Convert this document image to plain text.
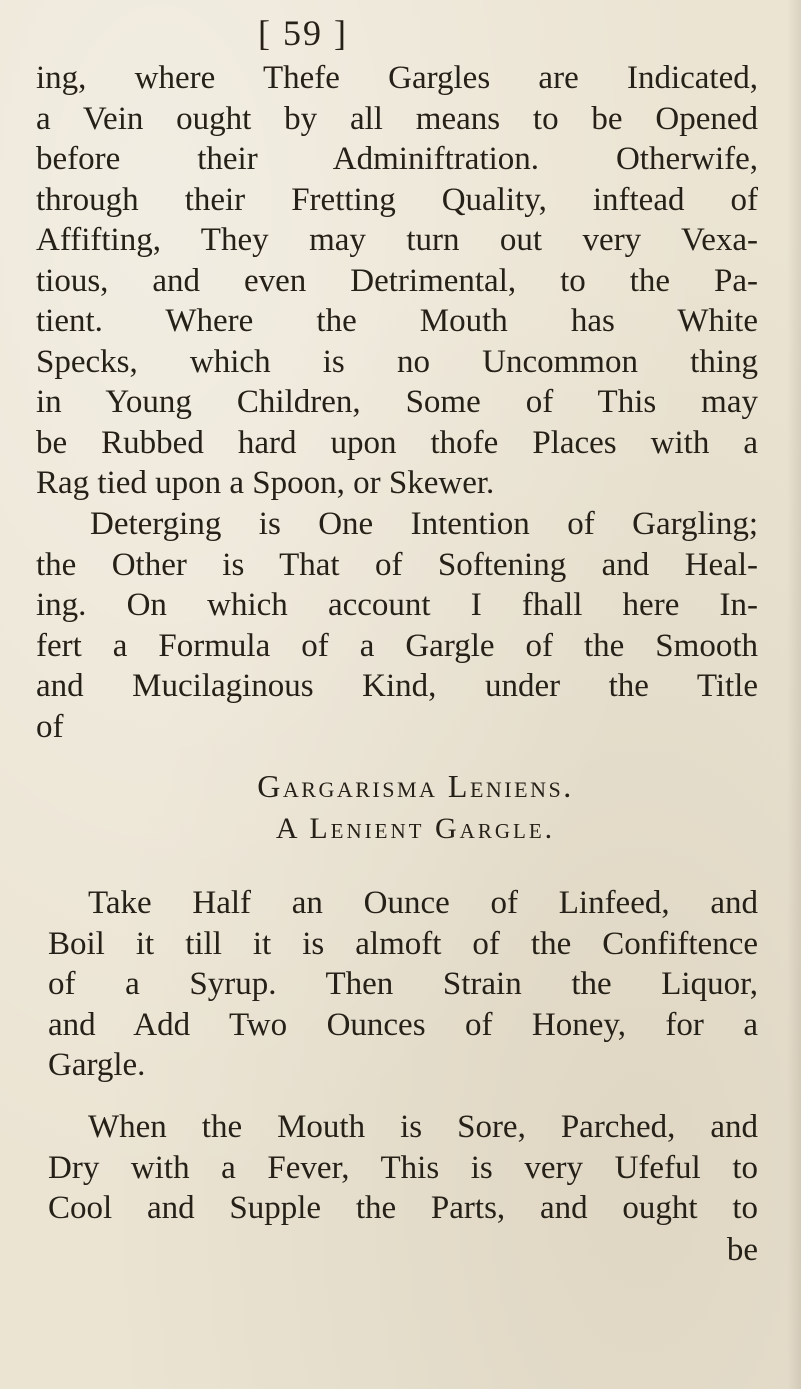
[ 59 ]
ing, where Thefe Gargles are Indicated,
a Vein ought by all means to be Opened
before their Adminiftration. Otherwife,
through their Fretting Quality, inftead of
Affifting, They may turn out very Vexa-
tious, and even Detrimental, to the Pa-
tient. Where the Mouth has White
Specks, which is no Uncommon thing
in Young Children, Some of This may
be Rubbed hard upon thofe Places with a
Rag tied upon a Spoon, or Skewer.
Deterging is One Intention of Gargling;
the Other is That of Softening and Heal-
ing. On which account I fhall here In-
fert a Formula of a Gargle of the Smooth
and Mucilaginous Kind, under the Title
of
Gargarisma Leniens.
A Lenient Gargle.
Take Half an Ounce of Linfeed, and
Boil it till it is almoft of the Confiftence
of a Syrup. Then Strain the Liquor,
and Add Two Ounces of Honey, for a
Gargle.
When the Mouth is Sore, Parched, and
Dry with a Fever, This is very Ufeful to
Cool and Supple the Parts, and ought to
be
